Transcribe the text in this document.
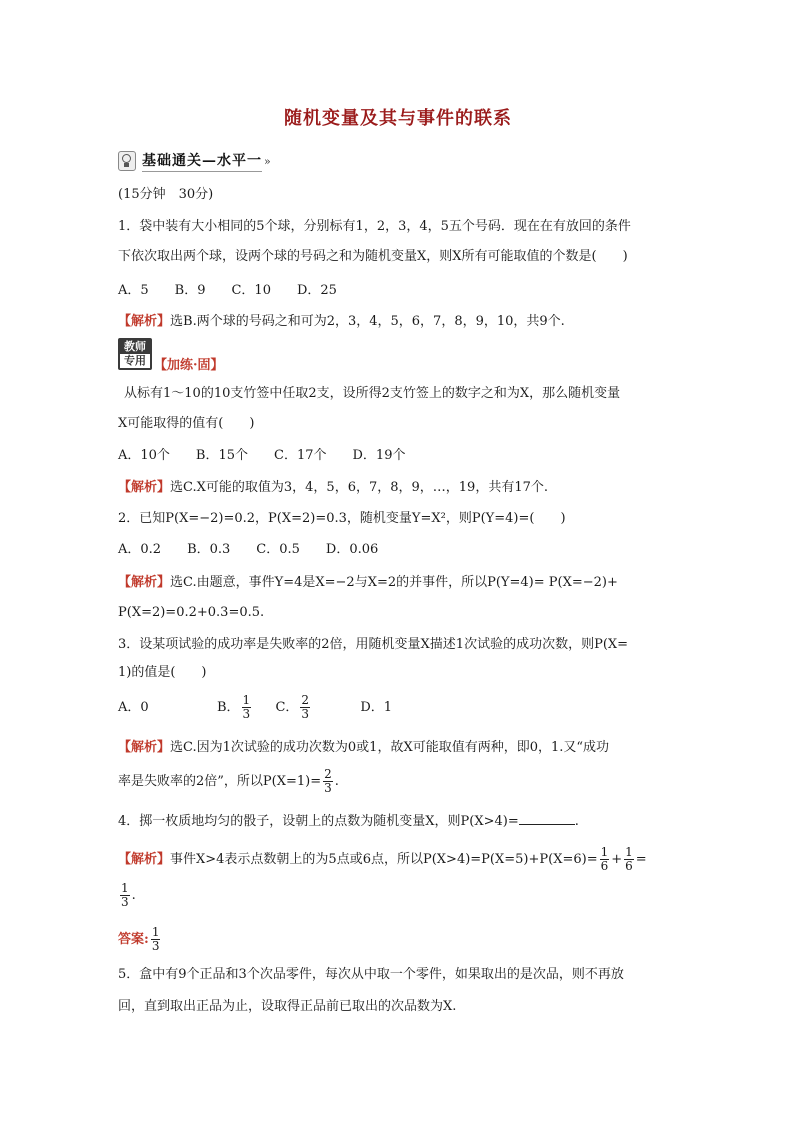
随机变量及其与事件的联系
基础通关—水平一 »
(15分钟　30分)
1．袋中装有大小相同的5个球，分别标有1，2，3，4，5五个号码．现在在有放回的条件
下依次取出两个球，设两个球的号码之和为随机变量X，则X所有可能取值的个数是(　　)
A．5　　B．9　　C．10　　D．25
【解析】选B.两个球的号码之和可为2，3，4，5，6，7，8，9，10，共9个.
教师
专用 【加练·固】
从标有1～10的10支竹签中任取2支，设所得2支竹签上的数字之和为X，那么随机变量
X可能取得的值有(　　)
A．10个　　B．15个　　C．17个　　D．19个
【解析】选C.X可能的取值为3，4，5，6，7，8，9，…，19，共有17个.
2．已知P(X=−2)=0.2，P(X=2)=0.3，随机变量Y=X²，则P(Y=4)=(　　)
A．0.2　　B．0.3　　C．0.5　　D．0.06
【解析】选C.由题意，事件Y=4是X=−2与X=2的并事件，所以P(Y=4)= P(X=−2)+
P(X=2)=0.2+0.3=0.5.
3．设某项试验的成功率是失败率的2倍，用随机变量X描述1次试验的成功次数，则P(X=
1)的值是(　　)
A．0	B． $\frac{1}{3}$ C． $\frac{2}{3}$	D．1
【解析】选C.因为1次试验的成功次数为0或1，故X可能取值有两种，即0，1.又“成功
率是失败率的2倍”，所以$P(X=1)= \frac{2}{3}$ .
4．掷一枚质地均匀的骰子，设朝上的点数为随机变量X，则P(X>4)=	.
【解析】事件X>4表示点数朝上的为5点或6点，所以$P(X>4)=P(X=5)+P(X=6)= \frac{1}{6} + \frac{1}{6}$ =
$\frac{1}{3}$ .
答案: $\frac{1}{3}$
5．盒中有9个正品和3个次品零件，每次从中取一个零件，如果取出的是次品，则不再放
回，直到取出正品为止，设取得正品前已取出的次品数为X.
